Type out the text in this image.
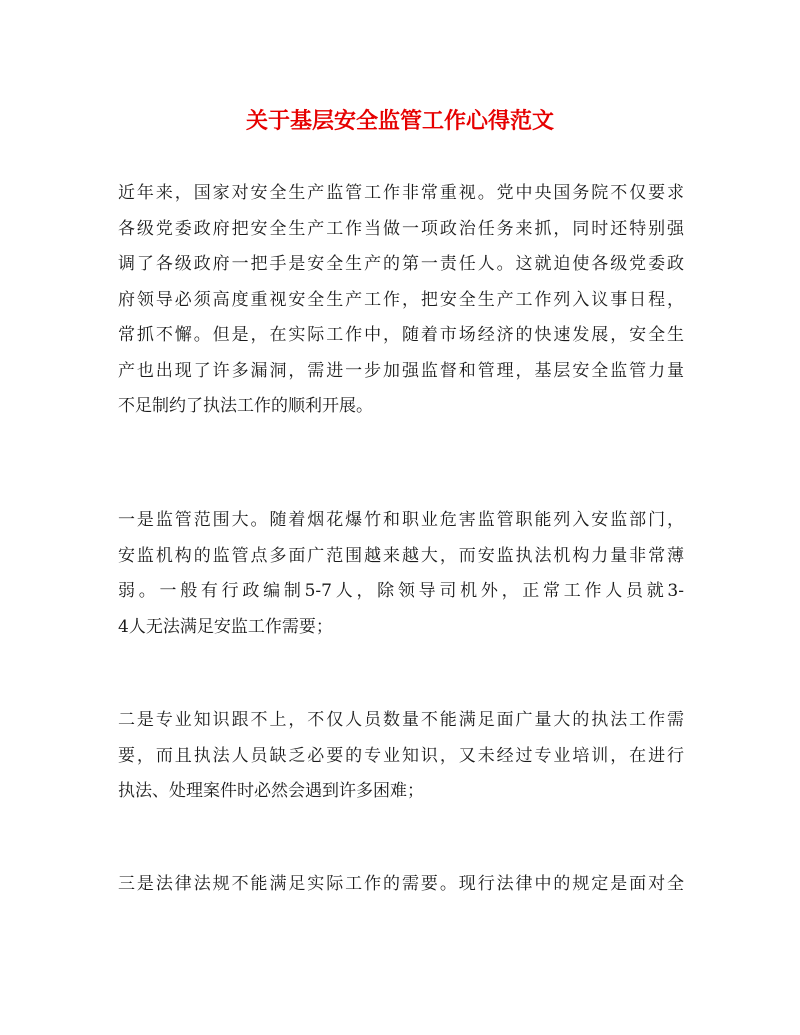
关于基层安全监管工作心得范文

近年来，国家对安全生产监管工作非常重视。党中央国务院不仅要求
各级党委政府把安全生产工作当做一项政治任务来抓，同时还特别强
调了各级政府一把手是安全生产的第一责任人。这就迫使各级党委政
府领导必须高度重视安全生产工作，把安全生产工作列入议事日程，
常抓不懈。但是，在实际工作中，随着市场经济的快速发展，安全生
产也出现了许多漏洞，需进一步加强监督和管理，基层安全监管力量
不足制约了执法工作的顺利开展。

一是监管范围大。随着烟花爆竹和职业危害监管职能列入安监部门，
安监机构的监管点多面广范围越来越大，而安监执法机构力量非常薄
弱。一般有行政编制5-7人，除领导司机外，正常工作人员就3-
4人无法满足安监工作需要；

二是专业知识跟不上，不仅人员数量不能满足面广量大的执法工作需
要，而且执法人员缺乏必要的专业知识，又未经过专业培训，在进行
执法、处理案件时必然会遇到许多困难；

三是法律法规不能满足实际工作的需要。现行法律中的规定是面对全
